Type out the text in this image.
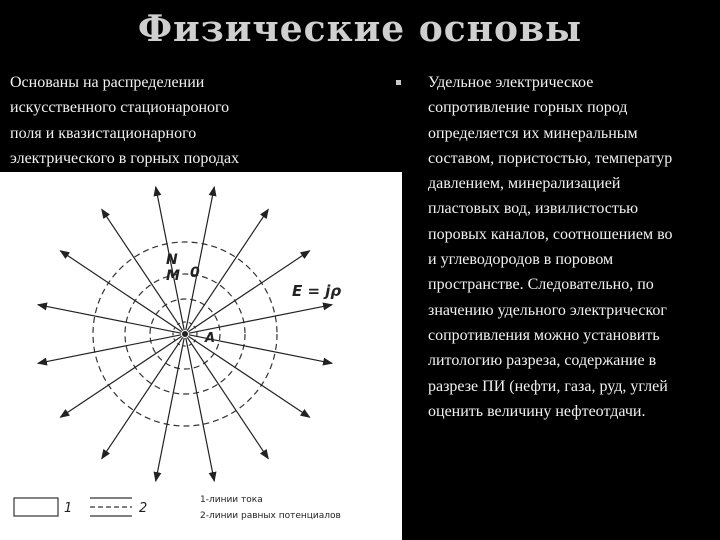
Физические основы
Основаны на распределении
искусственного стационароного
поля и квазистационарного
электрического в горных породах
Удельное электрическое
сопротивление горных пород
определяется их минеральным
составом, пористостью, температур
давлением, минерализацией
пластовых вод, извилистостью
поровых каналов, соотношением во
и углеводородов в поровом
пространстве. Следовательно, по
значению удельного электрическог
сопротивления можно установить
литологию разреза, содержание в
разрезе ПИ (нефти, газа, руд, углей
оценить величину нефтеотдачи.
N
M 0
A
E = jρ
1	2
1-линии тока
2-линии равных потенциалов
